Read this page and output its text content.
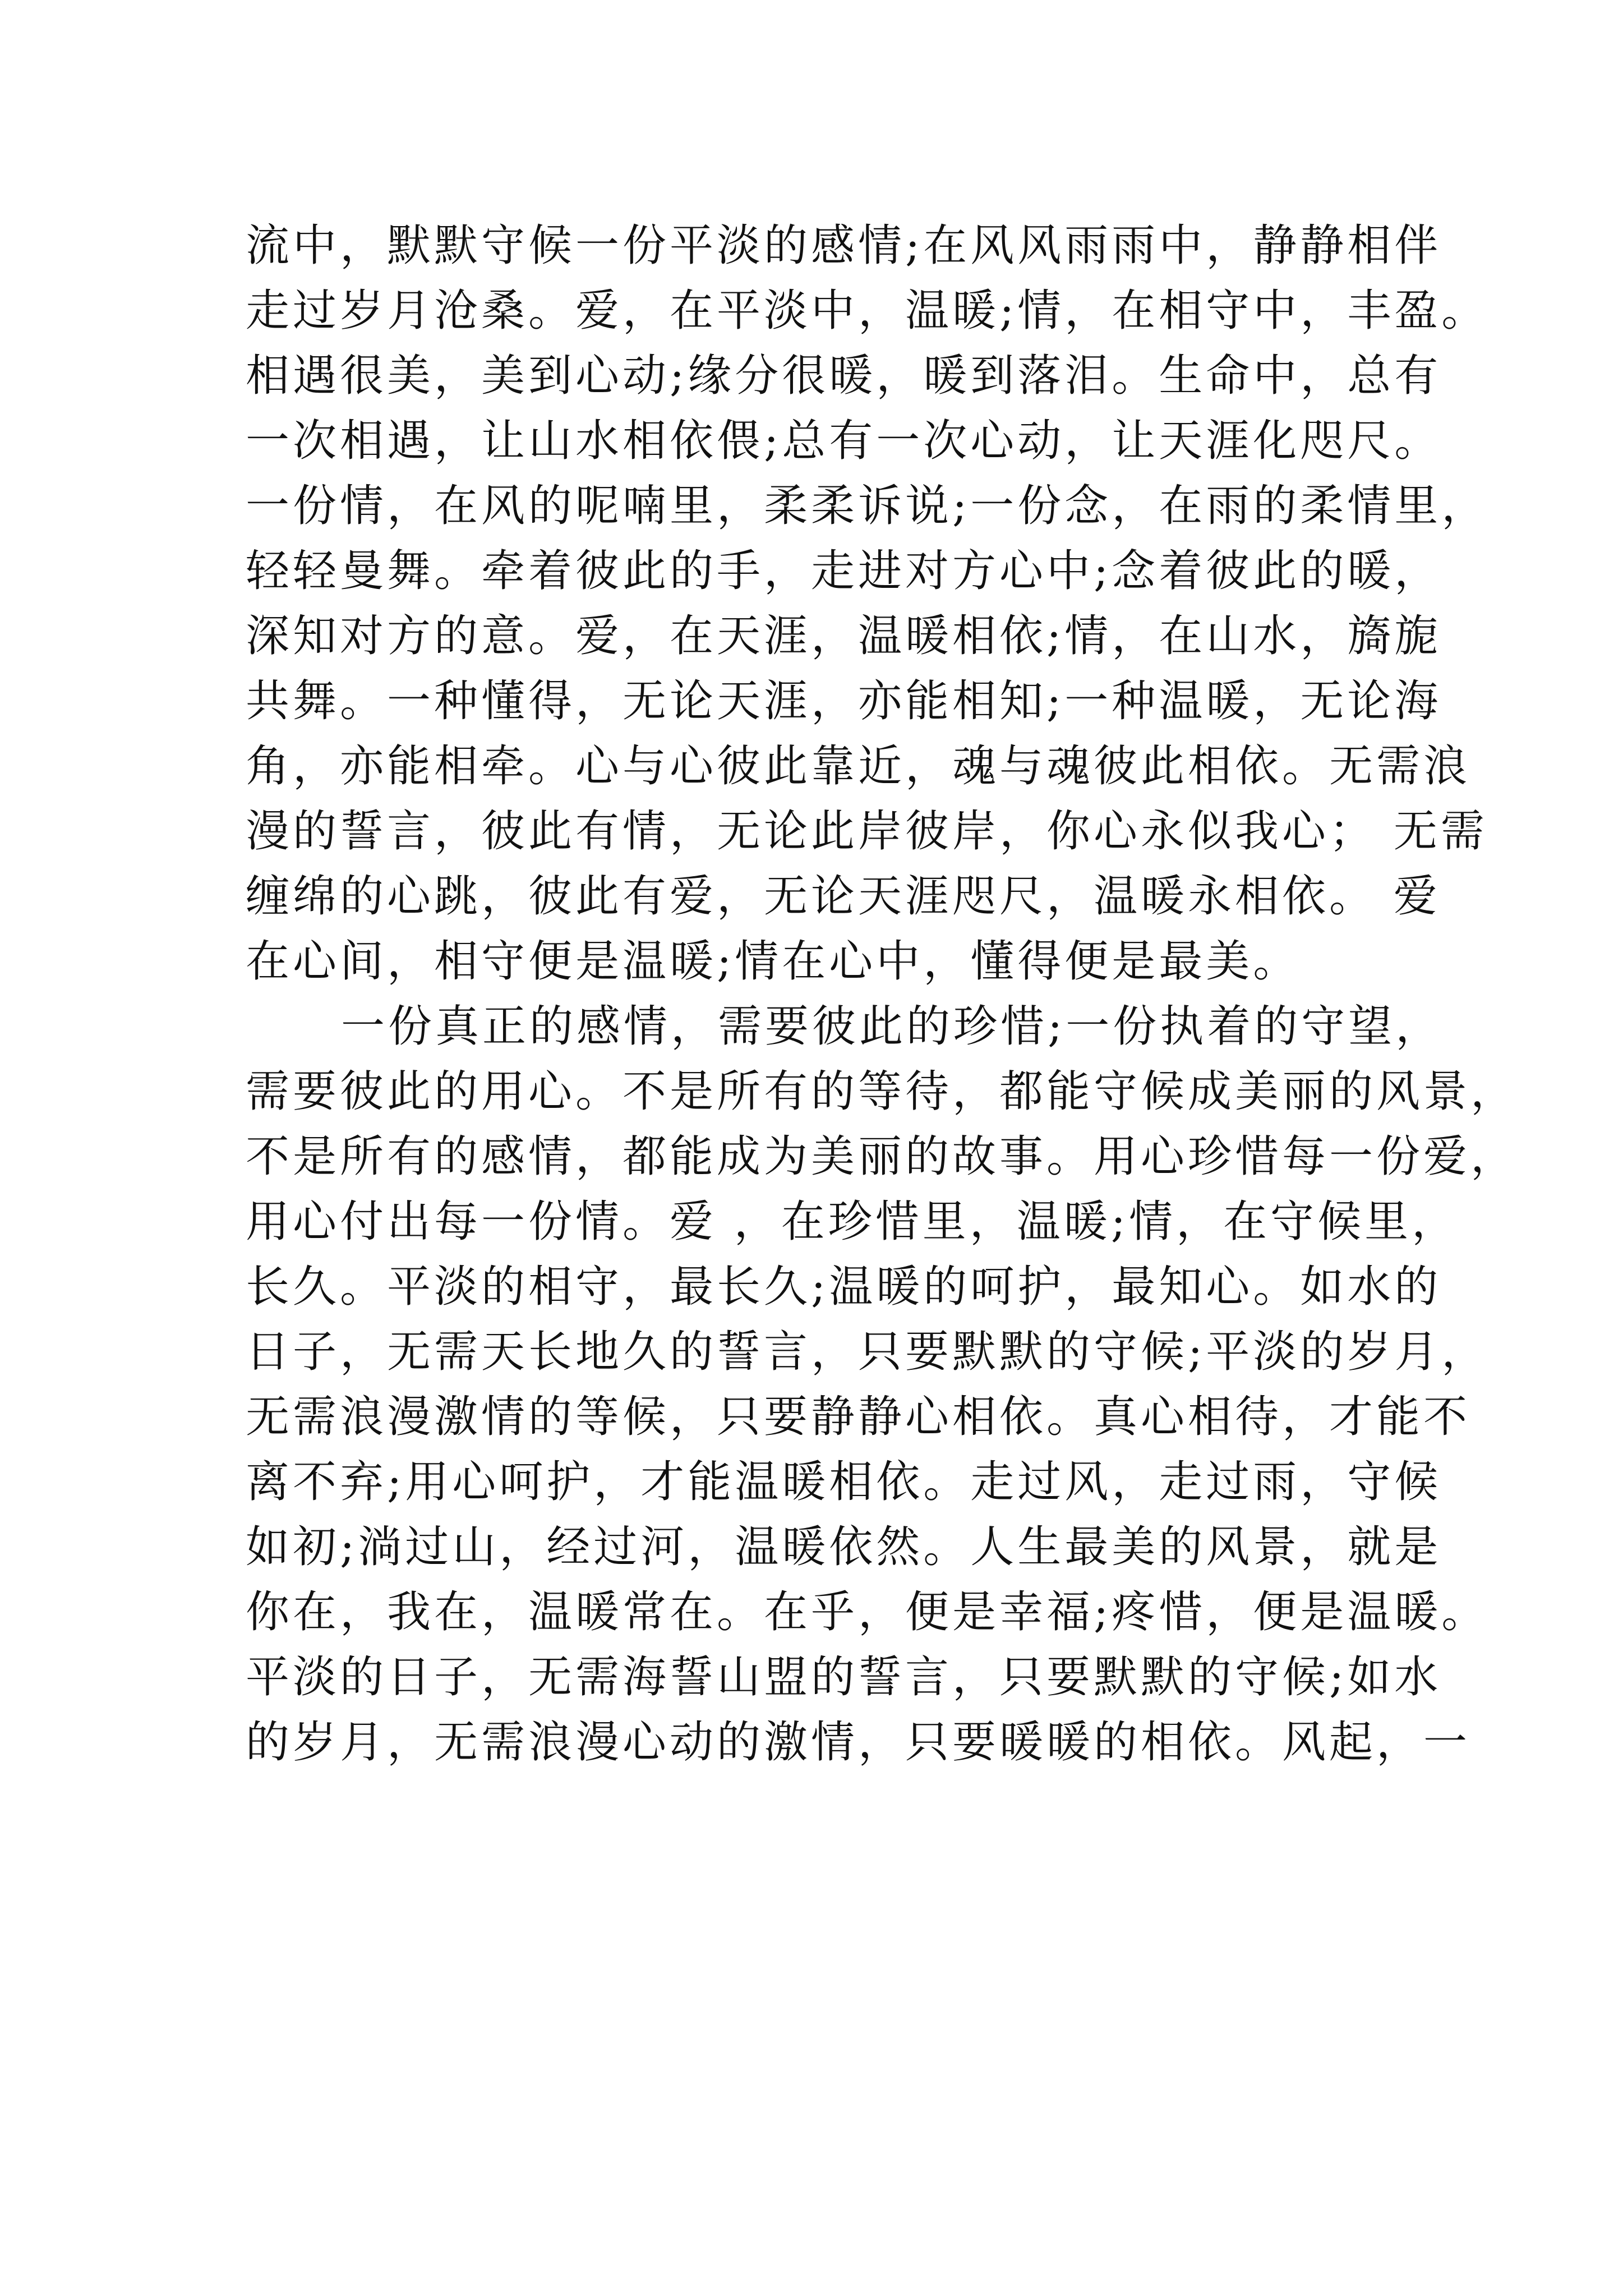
流中，默默守候一份平淡的感情;在风风雨雨中，静静相伴
走过岁月沧桑。爱，在平淡中，温暖;情，在相守中，丰盈。
相遇很美，美到心动;缘分很暖，暖到落泪。生命中，总有
一次相遇，让山水相依偎;总有一次心动，让天涯化咫尺。
一份情，在风的呢喃里，柔柔诉说;一份念，在雨的柔情里，
轻轻曼舞。牵着彼此的手，走进对方心中;念着彼此的暖，
深知对方的意。爱，在天涯，温暖相依;情，在山水，旖旎
共舞。一种懂得，无论天涯，亦能相知;一种温暖，无论海
角，亦能相牵。心与心彼此靠近，魂与魂彼此相依。无需浪
漫的誓言，彼此有情，无论此岸彼岸，你心永似我心； 无需
缠绵的心跳，彼此有爱，无论天涯咫尺，温暖永相依。 爱
在心间，相守便是温暖;情在心中，懂得便是最美。
一份真正的感情，需要彼此的珍惜;一份执着的守望，
需要彼此的用心。不是所有的等待，都能守候成美丽的风景，
不是所有的感情，都能成为美丽的故事。用心珍惜每一份爱，
用心付出每一份情。爱 ，在珍惜里，温暖;情，在守候里，
长久。平淡的相守，最长久;温暖的呵护，最知心。如水的
日子，无需天长地久的誓言，只要默默的守候;平淡的岁月，
无需浪漫激情的等候，只要静静心相依。真心相待，才能不
离不弃;用心呵护，才能温暖相依。走过风，走过雨，守候
如初;淌过山，经过河，温暖依然。人生最美的风景，就是
你在，我在，温暖常在。在乎，便是幸福;疼惜，便是温暖。
平淡的日子，无需海誓山盟的誓言，只要默默的守候;如水
的岁月，无需浪漫心动的激情，只要暖暖的相依。风起，一
